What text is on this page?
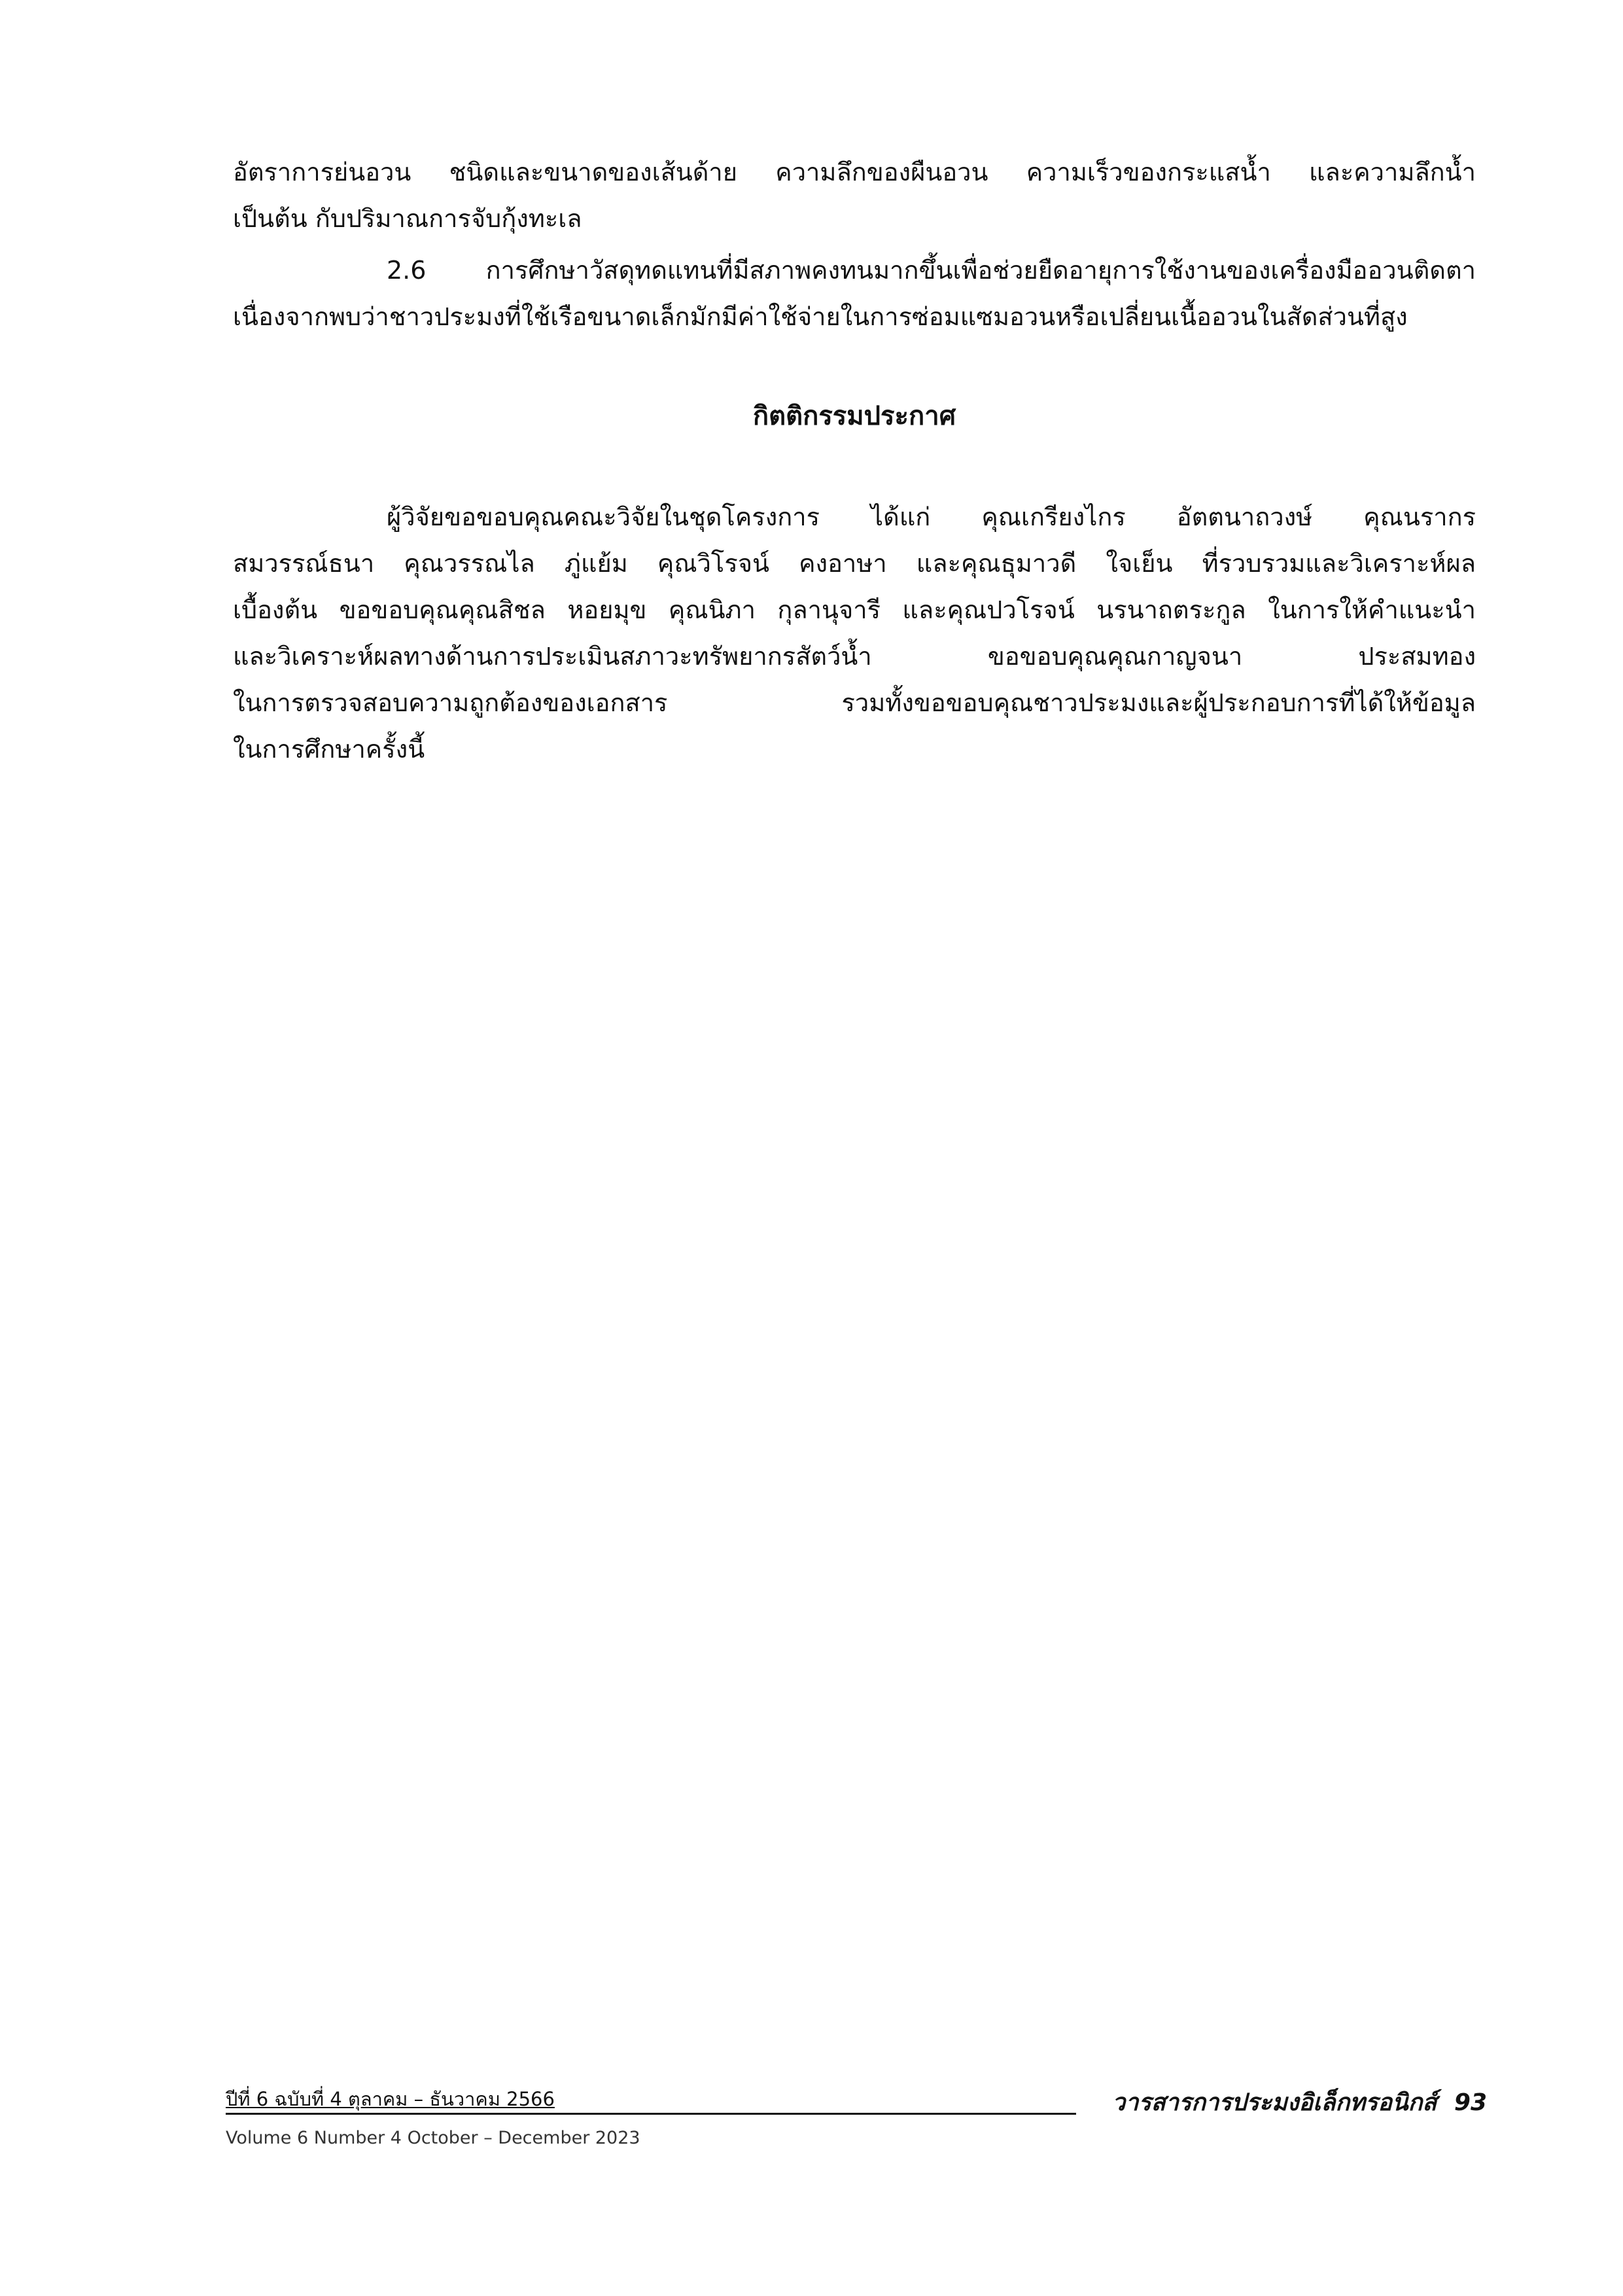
อัตราการย่นอวน ชนิดและขนาดของเส้นด้าย ความลึกของผืนอวน ความเร็วของกระแสน้ำ และความลึกน้ำ

เป็นต้น กับปริมาณการจับกุ้งทะเล

2.6 การศึกษาวัสดุทดแทนที่มีสภาพคงทนมากขึ้นเพื่อช่วยยืดอายุการใช้งานของเครื่องมืออวนติดตา

เนื่องจากพบว่าชาวประมงที่ใช้เรือขนาดเล็กมักมีค่าใช้จ่ายในการซ่อมแซมอวนหรือเปลี่ยนเนื้ออวนในสัดส่วนที่สูง

กิตติกรรมประกาศ

ผู้วิจัยขอขอบคุณคณะวิจัยในชุดโครงการ ได้แก่ คุณเกรียงไกร อัตตนาถวงษ์ คุณนรากร

สมวรรณ์ธนา คุณวรรณไล ภู่แย้ม คุณวิโรจน์ คงอาษา และคุณธุมาวดี ใจเย็น ที่รวบรวมและวิเคราะห์ผล

เบื้องต้น ขอขอบคุณคุณสิชล หอยมุข คุณนิภา กุลานุจารี และคุณปวโรจน์ นรนาถตระกูล ในการให้คำแนะนำ

และวิเคราะห์ผลทางด้านการประเมินสภาวะทรัพยากรสัตว์น้ำ ขอขอบคุณคุณกาญจนา ประสมทอง

ในการตรวจสอบความถูกต้องของเอกสาร รวมทั้งขอขอบคุณชาวประมงและผู้ประกอบการที่ได้ให้ข้อมูล

ในการศึกษาครั้งนี้

ปีที่ 6 ฉบับที่ 4 ตุลาคม – ธันวาคม 2566	วารสารการประมงอิเล็กทรอนิกส์ 93
Volume 6 Number 4 October – December 2023
